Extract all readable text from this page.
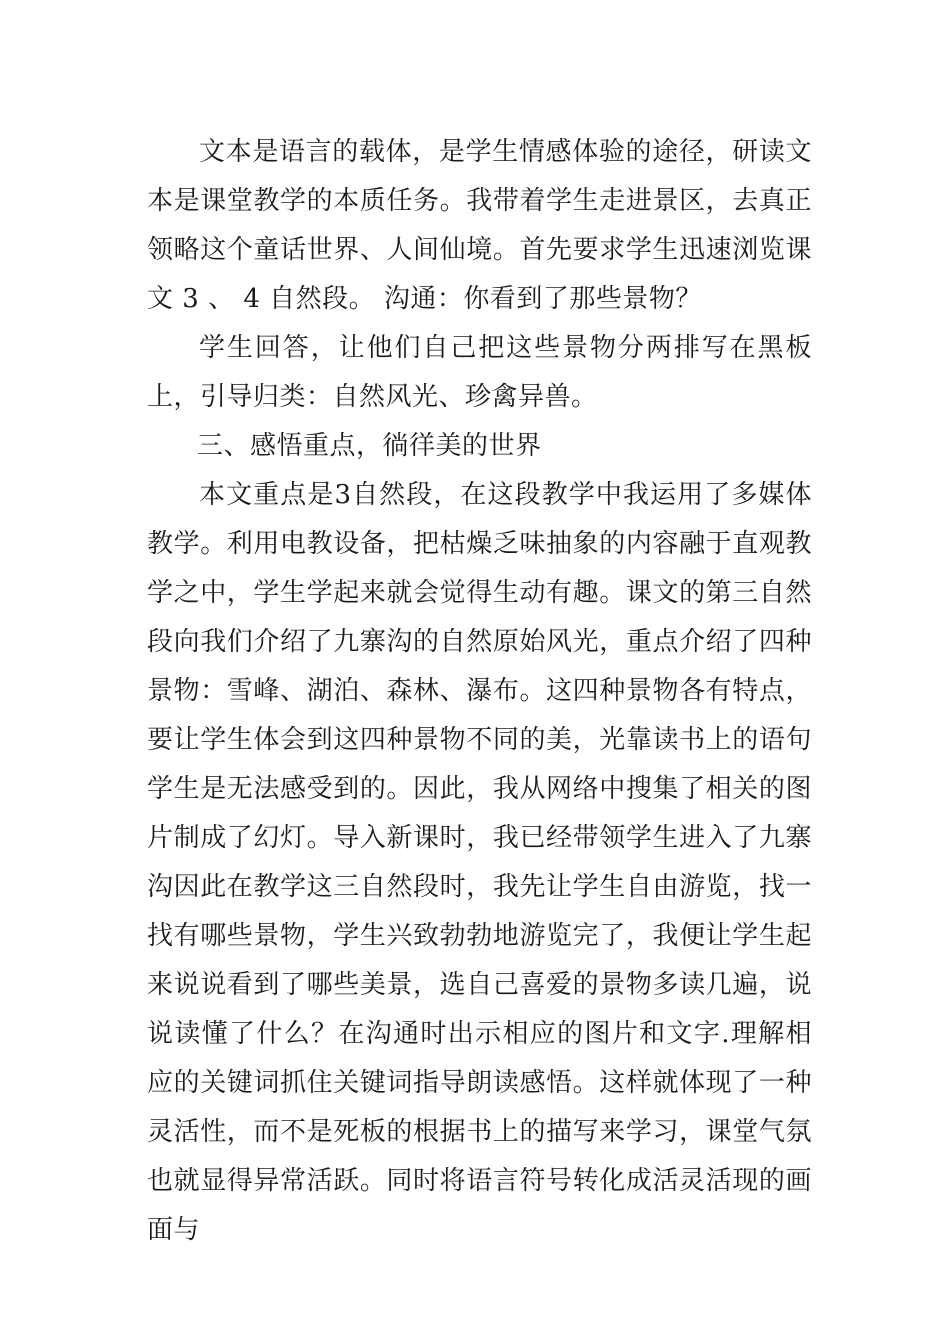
文本是语言的载体，是学生情感体验的途径，研读文本是课堂教学的本质任务。我带着学生走进景区，去真正领略这个童话世界、人间仙境。首先要求学生迅速浏览课文 3 、 4 自然段。 沟通：你看到了那些景物？

学生回答，让他们自己把这些景物分两排写在黑板上，引导归类：自然风光、珍禽异兽。

三、感悟重点，徜徉美的世界

本文重点是3自然段，在这段教学中我运用了多媒体教学。利用电教设备，把枯燥乏味抽象的内容融于直观教学之中，学生学起来就会觉得生动有趣。课文的第三自然段向我们介绍了九寨沟的自然原始风光，重点介绍了四种景物：雪峰、湖泊、森林、瀑布。这四种景物各有特点，要让学生体会到这四种景物不同的美，光靠读书上的语句学生是无法感受到的。因此，我从网络中搜集了相关的图片制成了幻灯。导入新课时，我已经带领学生进入了九寨沟因此在教学这三自然段时，我先让学生自由游览，找一找有哪些景物，学生兴致勃勃地游览完了，我便让学生起来说说看到了哪些美景，选自己喜爱的景物多读几遍，说说读懂了什么？在沟通时出示相应的图片和文字.理解相应的关键词抓住关键词指导朗读感悟。这样就体现了一种灵活性，而不是死板的根据书上的描写来学习，课堂气氛也就显得异常活跃。同时将语言符号转化成活灵活现的画面与
